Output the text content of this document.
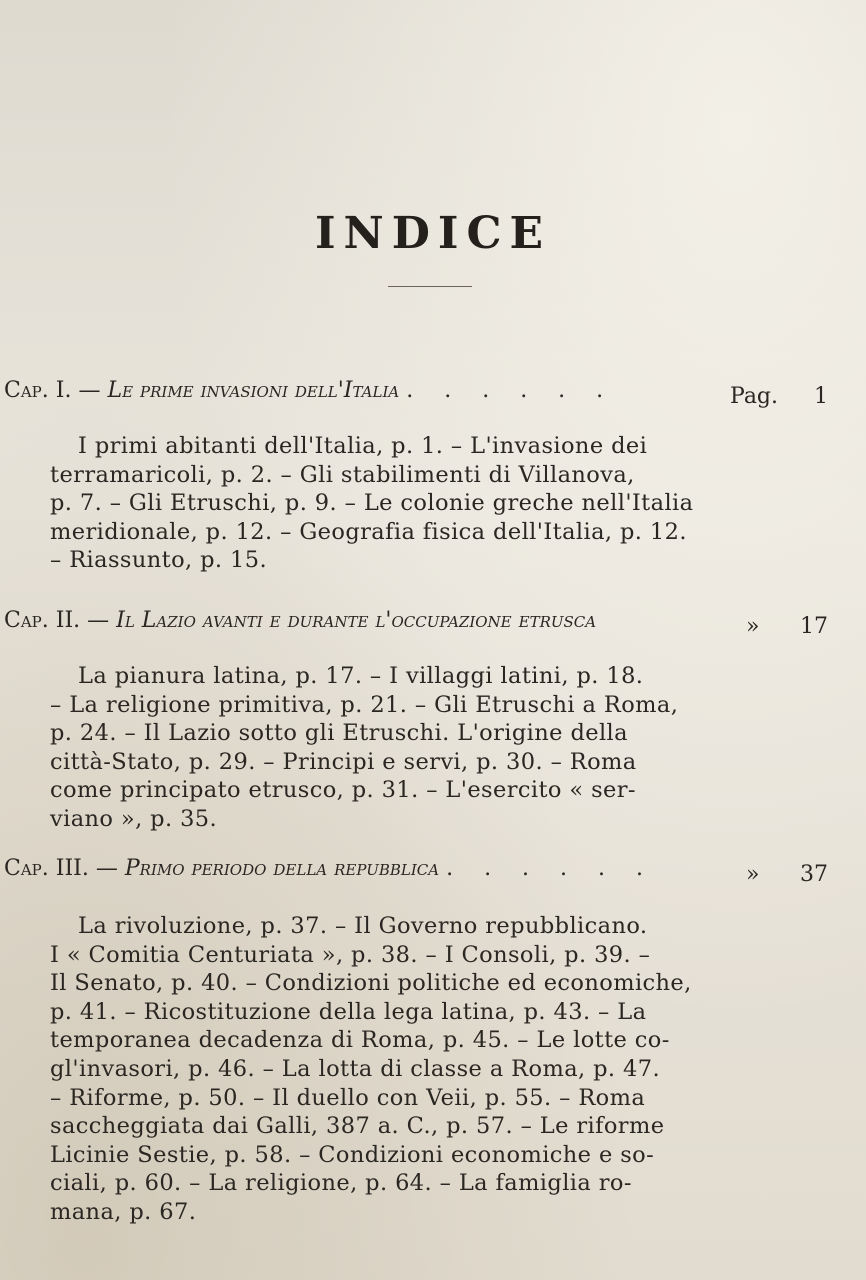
INDICE
Cap. I. — Le prime invasioni dell'Italia . . . . . .	Pag. 1
I primi abitanti dell'Italia, p. 1. – L'invasione dei
terramaricoli, p. 2. – Gli stabilimenti di Villanova,
p. 7. – Gli Etruschi, p. 9. – Le colonie greche nell'Italia
meridionale, p. 12. – Geografia fisica dell'Italia, p. 12.
– Riassunto, p. 15.
Cap. II. — Il Lazio avanti e durante l'occupazione etrusca	» 17
La pianura latina, p. 17. – I villaggi latini, p. 18.
– La religione primitiva, p. 21. – Gli Etruschi a Roma,
p. 24. – Il Lazio sotto gli Etruschi. L'origine della
città-Stato, p. 29. – Principi e servi, p. 30. – Roma
come principato etrusco, p. 31. – L'esercito « ser-
viano », p. 35.
Cap. III. — Primo periodo della repubblica . . . . . .	» 37
La rivoluzione, p. 37. – Il Governo repubblicano.
I « Comitia Centuriata », p. 38. – I Consoli, p. 39. –
Il Senato, p. 40. – Condizioni politiche ed economiche,
p. 41. – Ricostituzione della lega latina, p. 43. – La
temporanea decadenza di Roma, p. 45. – Le lotte co-
gl'invasori, p. 46. – La lotta di classe a Roma, p. 47.
– Riforme, p. 50. – Il duello con Veii, p. 55. – Roma
saccheggiata dai Galli, 387 a. C., p. 57. – Le riforme
Licinie Sestie, p. 58. – Condizioni economiche e so-
ciali, p. 60. – La religione, p. 64. – La famiglia ro-
mana, p. 67.
